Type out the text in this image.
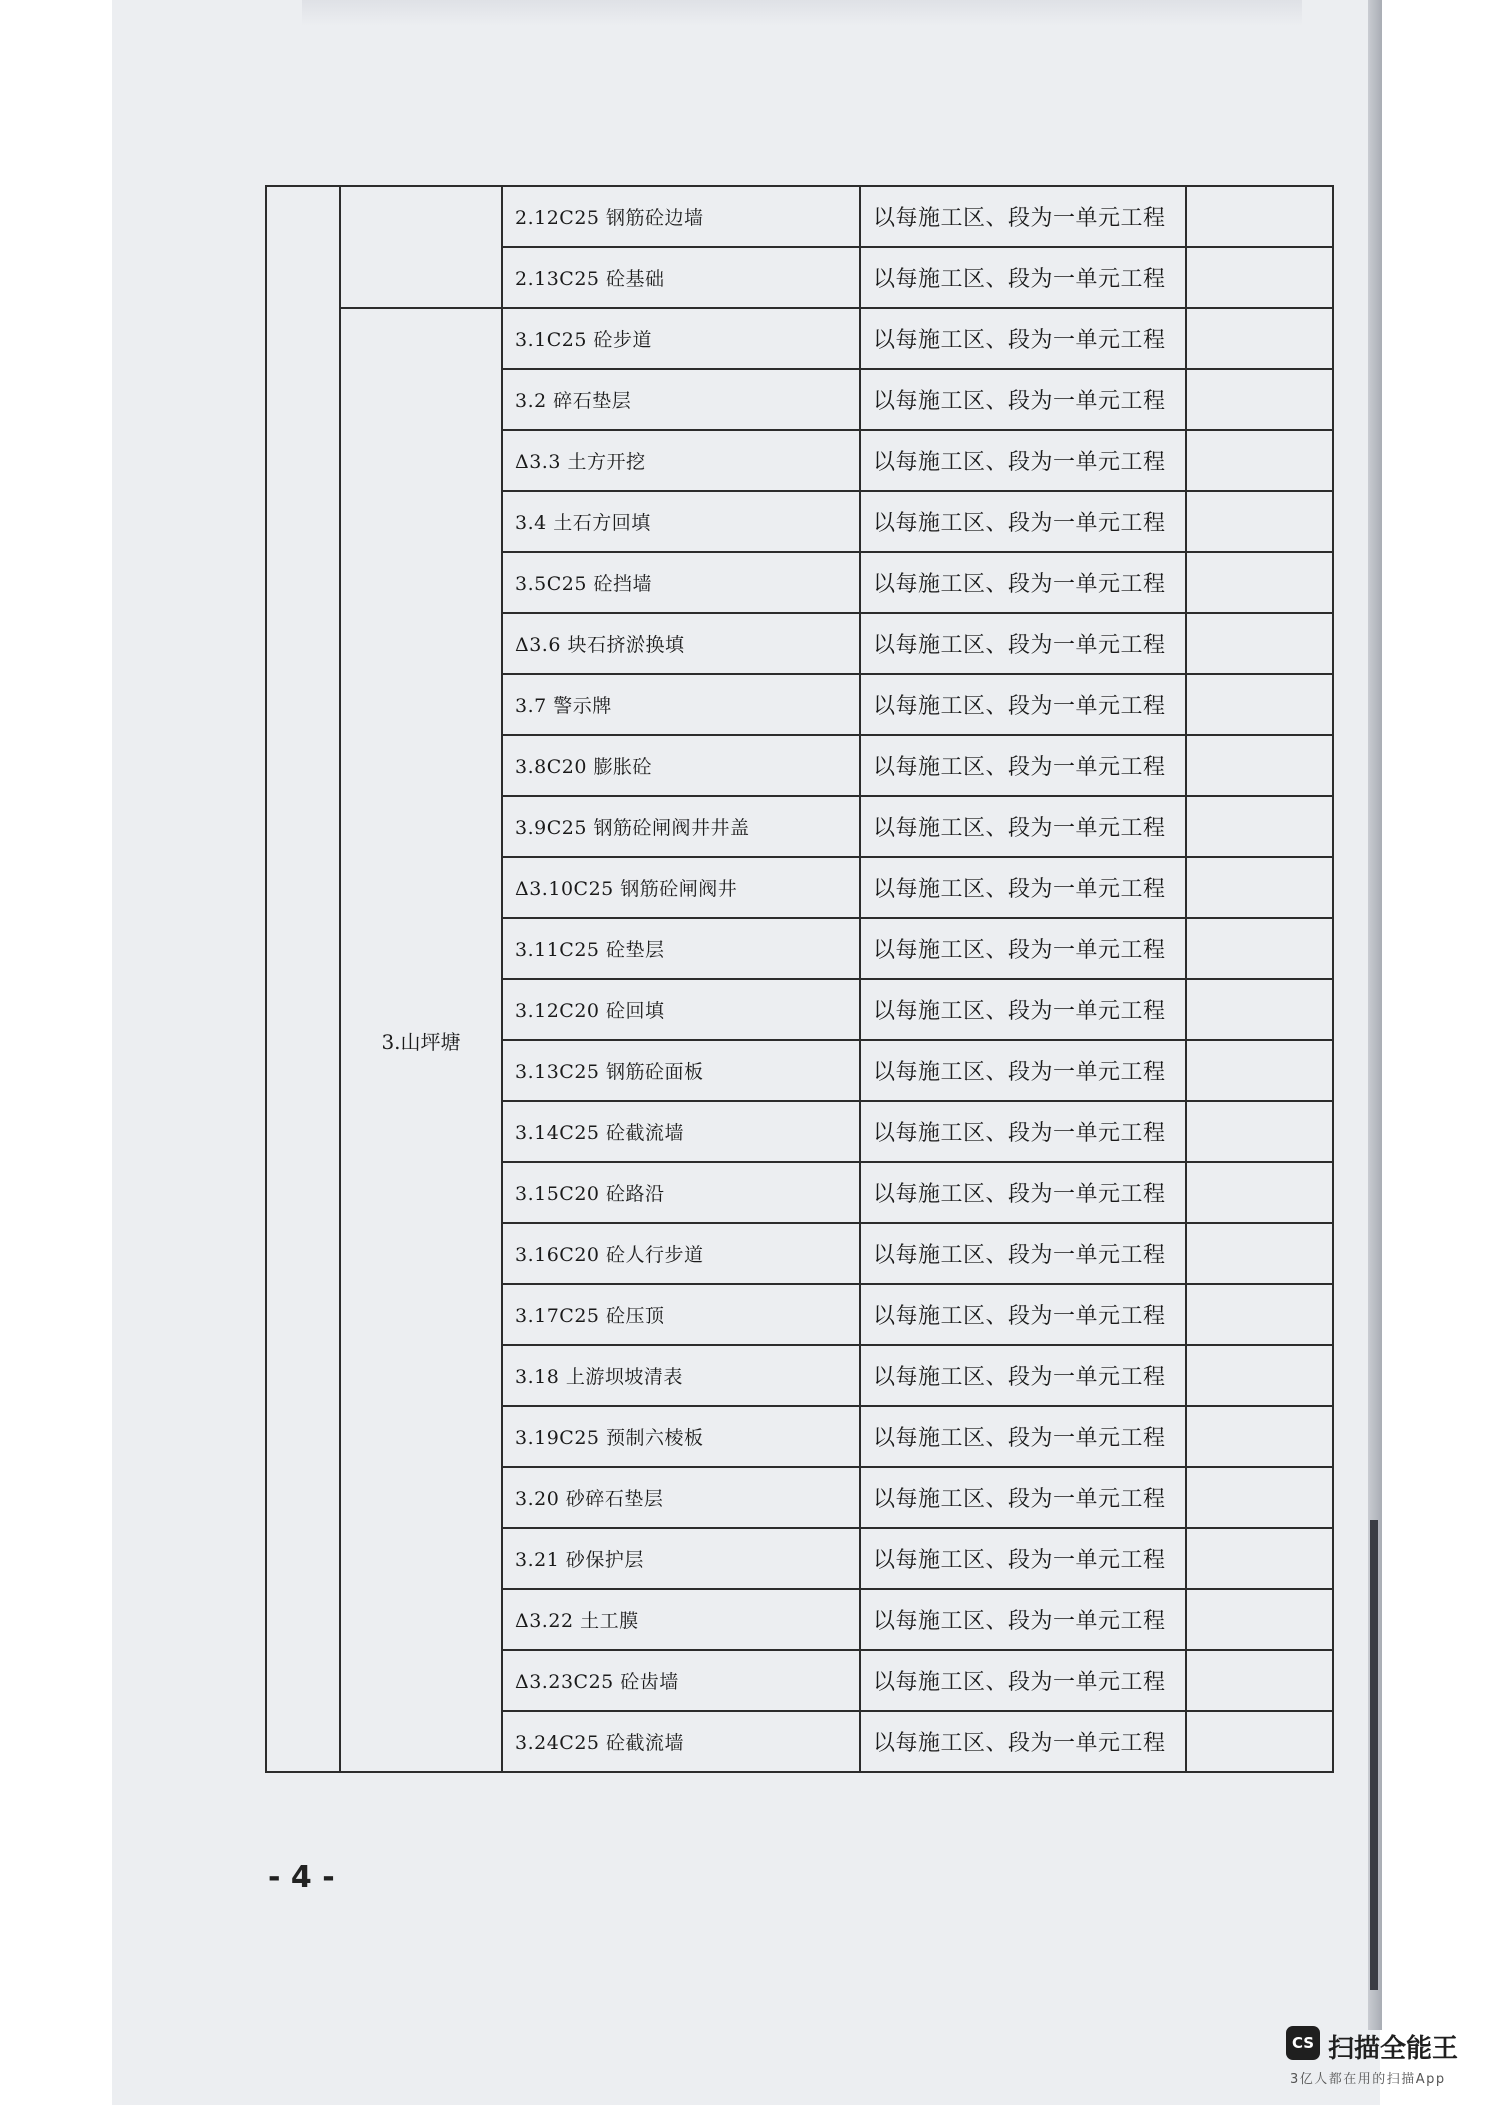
		2.12C25 钢筋砼边墙	以每施工区、段为一单元工程	
		2.13C25 砼基础	以每施工区、段为一单元工程	
	3.山坪塘	3.1C25 砼步道	以每施工区、段为一单元工程	
		3.2 碎石垫层	以每施工区、段为一单元工程	
		Δ3.3 土方开挖	以每施工区、段为一单元工程	
		3.4 土石方回填	以每施工区、段为一单元工程	
		3.5C25 砼挡墙	以每施工区、段为一单元工程	
		Δ3.6 块石挤淤换填	以每施工区、段为一单元工程	
		3.7 警示牌	以每施工区、段为一单元工程	
		3.8C20 膨胀砼	以每施工区、段为一单元工程	
		3.9C25 钢筋砼闸阀井井盖	以每施工区、段为一单元工程	
		Δ3.10C25 钢筋砼闸阀井	以每施工区、段为一单元工程	
		3.11C25 砼垫层	以每施工区、段为一单元工程	
		3.12C20 砼回填	以每施工区、段为一单元工程	
		3.13C25 钢筋砼面板	以每施工区、段为一单元工程	
		3.14C25 砼截流墙	以每施工区、段为一单元工程	
		3.15C20 砼路沿	以每施工区、段为一单元工程	
		3.16C20 砼人行步道	以每施工区、段为一单元工程	
		3.17C25 砼压顶	以每施工区、段为一单元工程	
		3.18 上游坝坡清表	以每施工区、段为一单元工程	
		3.19C25 预制六棱板	以每施工区、段为一单元工程	
		3.20 砂碎石垫层	以每施工区、段为一单元工程	
		3.21 砂保护层	以每施工区、段为一单元工程	
		Δ3.22 土工膜	以每施工区、段为一单元工程	
		Δ3.23C25 砼齿墙	以每施工区、段为一单元工程	
		3.24C25 砼截流墙	以每施工区、段为一单元工程	
- 4 -
CS 扫描全能王
3亿人都在用的扫描App
